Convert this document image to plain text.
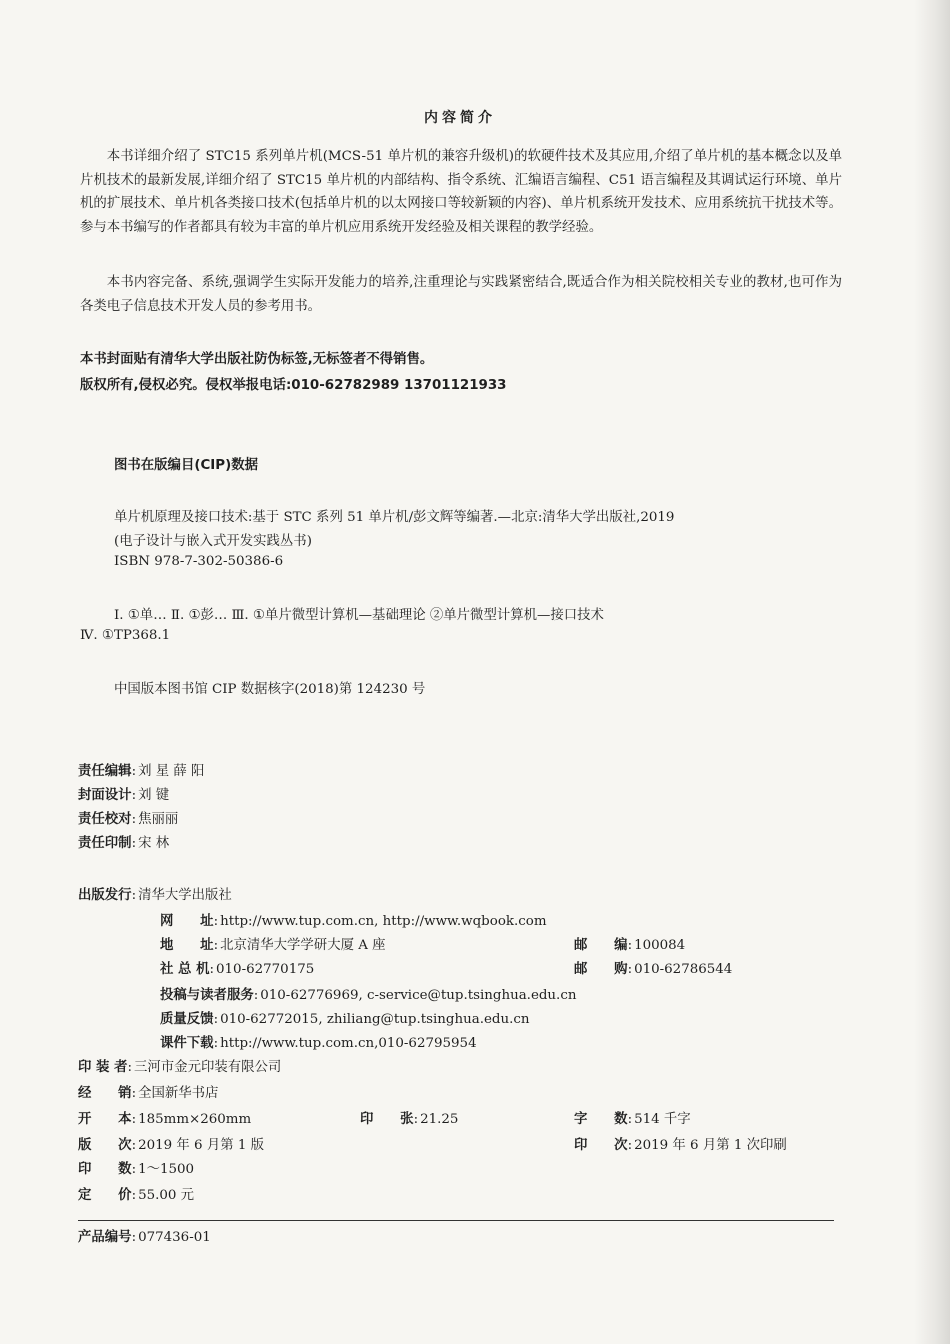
内容简介

本书详细介绍了 STC15 系列单片机(MCS-51 单片机的兼容升级机)的软硬件技术及其应用,介绍了单片机的基本概念以及单片机技术的最新发展,详细介绍了 STC15 单片机的内部结构、指令系统、汇编语言编程、C51 语言编程及其调试运行环境、单片机的扩展技术、单片机各类接口技术(包括单片机的以太网接口等较新颖的内容)、单片机系统开发技术、应用系统抗干扰技术等。参与本书编写的作者都具有较为丰富的单片机应用系统开发经验及相关课程的教学经验。

本书内容完备、系统,强调学生实际开发能力的培养,注重理论与实践紧密结合,既适合作为相关院校相关专业的教材,也可作为各类电子信息技术开发人员的参考用书。

本书封面贴有清华大学出版社防伪标签,无标签者不得销售。
版权所有,侵权必究。侵权举报电话:010-62782989 13701121933
图书在版编目(CIP)数据
单片机原理及接口技术:基于 STC 系列 51 单片机/彭文辉等编著.—北京:清华大学出版社,2019
(电子设计与嵌入式开发实践丛书)
ISBN 978-7-302-50386-6
Ⅰ. ①单… Ⅱ. ①彭… Ⅲ. ①单片微型计算机—基础理论 ②单片微型计算机—接口技术
Ⅳ. ①TP368.1
中国版本图书馆 CIP 数据核字(2018)第 124230 号
责任编辑: 刘 星 薛 阳
封面设计: 刘 键
责任校对: 焦丽丽
责任印制: 宋 林
出版发行: 清华大学出版社
网　　址: http://www.tup.com.cn, http://www.wqbook.com
地　　址: 北京清华大学学研大厦 A 座	邮　　编: 100084
社 总 机: 010-62770175	邮　　购: 010-62786544
投稿与读者服务: 010-62776969, c-service@tup.tsinghua.edu.cn
质量反馈: 010-62772015, zhiliang@tup.tsinghua.edu.cn
课件下载: http://www.tup.com.cn,010-62795954
印 装 者: 三河市金元印装有限公司
经　　销: 全国新华书店
开　　本: 185mm×260mm	印　　张: 21.25	字　　数: 514 千字
版　　次: 2019 年 6 月第 1 版	印　　次: 2019 年 6 月第 1 次印刷
印　　数: 1～1500
定　　价: 55.00 元
产品编号: 077436-01
